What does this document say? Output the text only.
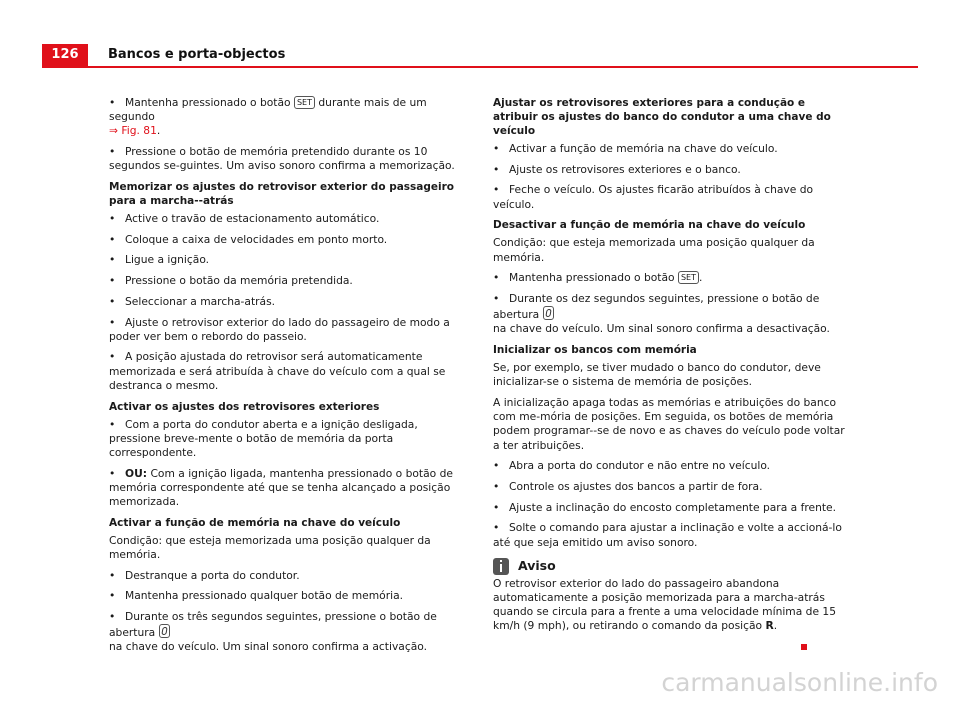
126	Bancos e porta-objectos

• Mantenha pressionado o botão SET durante mais de um segundo
⇒ Fig. 81.

• Pressione o botão de memória pretendido durante os 10 segundos se-guintes. Um aviso sonoro confirma a memorização.

Memorizar os ajustes do retrovisor exterior do passageiro para a marcha--atrás

• Active o travão de estacionamento automático.

• Coloque a caixa de velocidades em ponto morto.

• Ligue a ignição.

• Pressione o botão da memória pretendida.

• Seleccionar a marcha-atrás.

• Ajuste o retrovisor exterior do lado do passageiro de modo a poder ver bem o rebordo do passeio.

• A posição ajustada do retrovisor será automaticamente memorizada e será atribuída à chave do veículo com a qual se destranca o mesmo.

Activar os ajustes dos retrovisores exteriores

• Com a porta do condutor aberta e a ignição desligada, pressione breve-mente o botão de memória da porta correspondente.

• OU: Com a ignição ligada, mantenha pressionado o botão de memória correspondente até que se tenha alcançado a posição memorizada.

Activar a função de memória na chave do veículo

Condição: que esteja memorizada uma posição qualquer da memória.

• Destranque a porta do condutor.

• Mantenha pressionado qualquer botão de memória.

• Durante os três segundos seguintes, pressione o botão de abertura
na chave do veículo. Um sinal sonoro confirma a activação.

Ajustar os retrovisores exteriores para a condução e atribuir os ajustes do banco do condutor a uma chave do veículo

• Activar a função de memória na chave do veículo.

• Ajuste os retrovisores exteriores e o banco.

• Feche o veículo. Os ajustes ficarão atribuídos à chave do veículo.

Desactivar a função de memória na chave do veículo

Condição: que esteja memorizada uma posição qualquer da memória.

• Mantenha pressionado o botão SET .

• Durante os dez segundos seguintes, pressione o botão de abertura
na chave do veículo. Um sinal sonoro confirma a desactivação.

Inicializar os bancos com memória

Se, por exemplo, se tiver mudado o banco do condutor, deve inicializar-se o sistema de memória de posições.

A inicialização apaga todas as memórias e atribuições do banco com me-mória de posições. Em seguida, os botões de memória podem programar--se de novo e as chaves do veículo pode voltar a ter atribuições.

• Abra a porta do condutor e não entre no veículo.

• Controle os ajustes dos bancos a partir de fora.

• Ajuste a inclinação do encosto completamente para a frente.

• Solte o comando para ajustar a inclinação e volte a accioná-lo até que seja emitido um aviso sonoro.

Aviso

O retrovisor exterior do lado do passageiro abandona automaticamente a posição memorizada para a marcha-atrás quando se circula para a frente a uma velocidade mínima de 15 km/h (9 mph), ou retirando o comando da posição R.

carmanualsonline.info
